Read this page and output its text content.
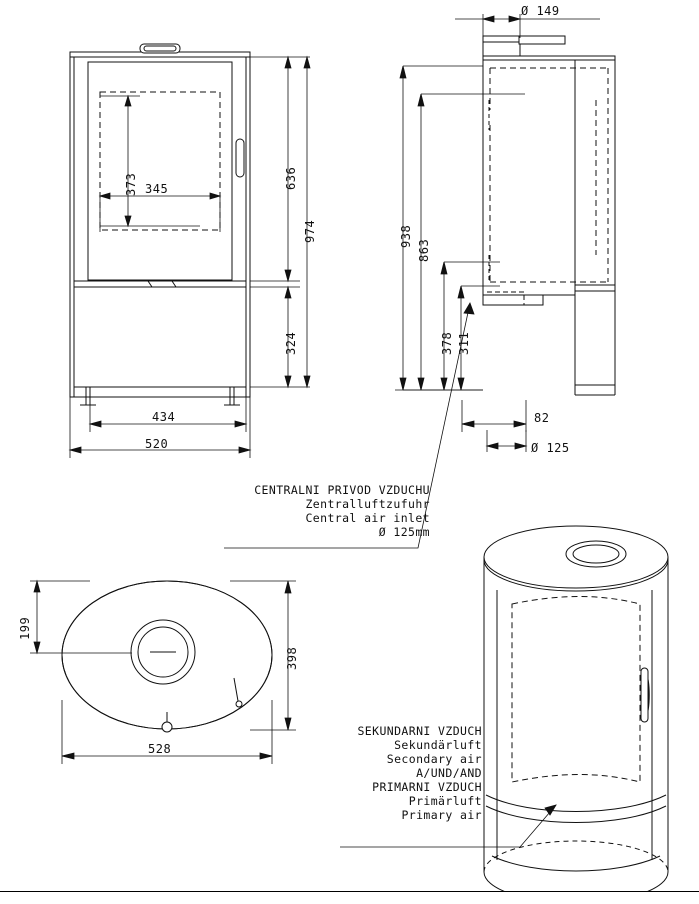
373 345	636
974
324
434
520
Ø 149
938
863
378 311
82
Ø 125
199
398
528
CENTRALNI PRIVOD VZDUCHU
Zentralluftzufuhr
Central air inlet
Ø 125mm
SEKUNDARNI VZDUCH
Sekundärluft
Secondary air
A/UND/AND
PRIMARNI VZDUCH
Primärluft
Primary air
